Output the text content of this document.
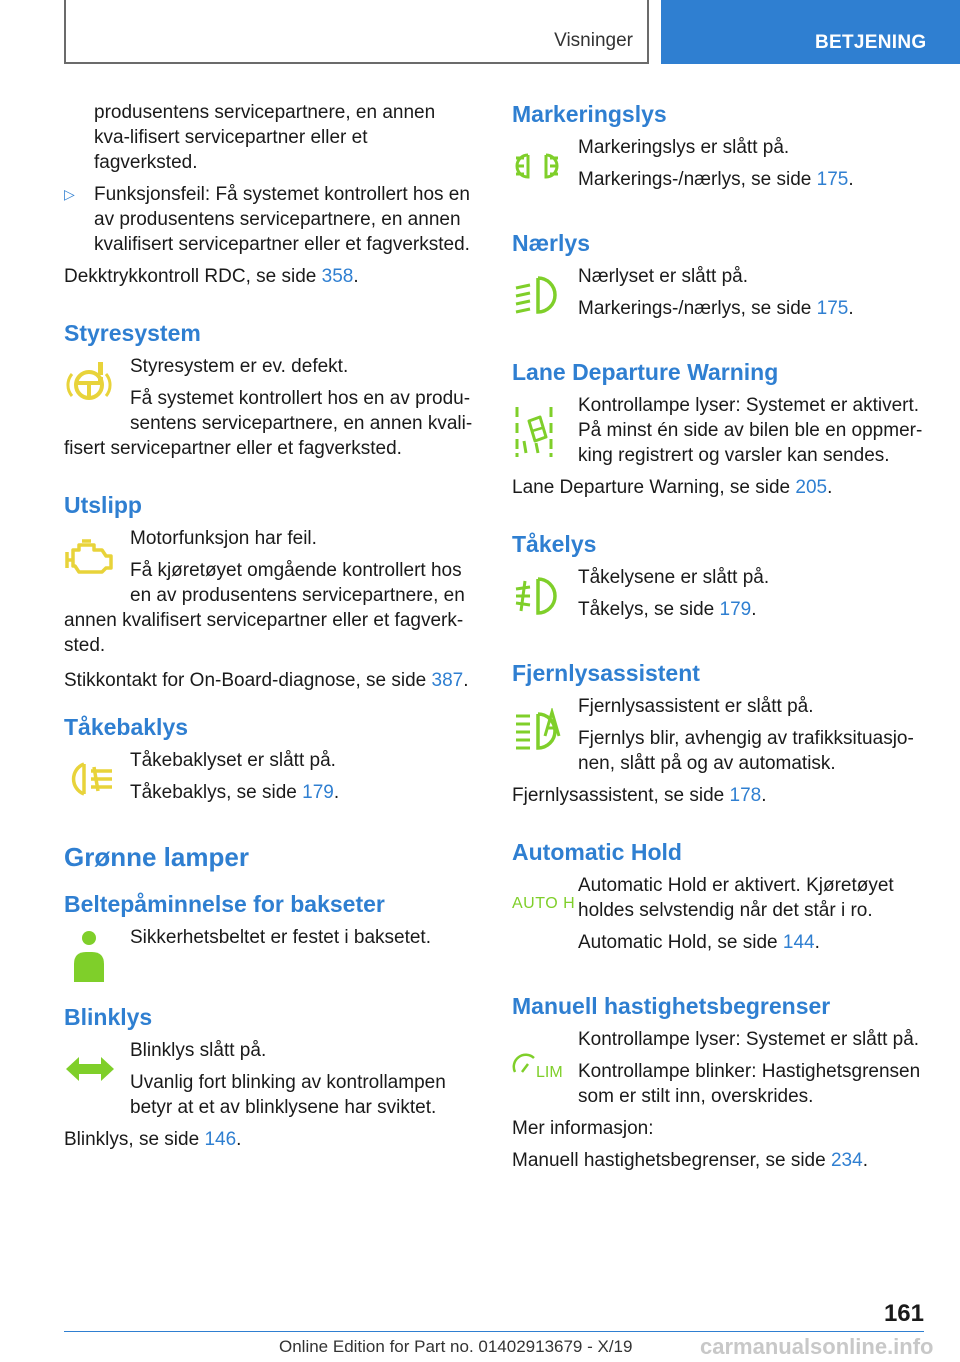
Visninger	BETJENING

produsentens servicepartnere, en annen kva-lifisert servicepartner eller et fagverksted.

▷ Funksjonsfeil: Få systemet kontrollert hos en av produsentens servicepartnere, en annen kvalifisert servicepartner eller et fagverksted.

Dekktrykkontroll RDC, se side 358.

Styresystem

Styresystem er ev. defekt.

Få systemet kontrollert hos en av produ-sentens servicepartnere, en annen kvali-fisert servicepartner eller et fagverksted.

Utslipp

Motorfunksjon har feil.

Få kjøretøyet omgående kontrollert hos en av produsentens servicepartnere, en annen kvalifisert servicepartner eller et fagverk-sted.

Stikkontakt for On-Board-diagnose, se side 387.

Tåkebaklys

Tåkebaklyset er slått på.

Tåkebaklys, se side 179.

Grønne lamper
Beltepåminnelse for bakseter

Sikkerhetsbeltet er festet i baksetet.

Blinklys

Blinklys slått på.

Uvanlig fort blinking av kontrollampen betyr at et av blinklysene har sviktet.

Blinklys, se side 146.

Markeringslys

Markeringslys er slått på.

Markerings-/nærlys, se side 175.

Nærlys

Nærlyset er slått på.

Markerings-/nærlys, se side 175.

Lane Departure Warning

Kontrollampe lyser: Systemet er aktivert. På minst én side av bilen ble en oppmer-king registrert og varsler kan sendes.

Lane Departure Warning, se side 205.

Tåkelys

Tåkelysene er slått på.

Tåkelys, se side 179.

Fjernlysassistent

Fjernlysassistent er slått på.

Fjernlys blir, avhengig av trafikksituasjo-nen, slått på og av automatisk.

Fjernlysassistent, se side 178.

Automatic Hold
AUTO H

Automatic Hold er aktivert. Kjøretøyet holdes selvstendig når det står i ro.

Automatic Hold, se side 144.

Manuell hastighetsbegrenser
LIM

Kontrollampe lyser: Systemet er slått på.

Kontrollampe blinker: Hastighetsgrensen som er stilt inn, overskrides.

Mer informasjon:

Manuell hastighetsbegrenser, se side 234.

161
Online Edition for Part no. 01402913679 - X/19	carmanualsonline.info
